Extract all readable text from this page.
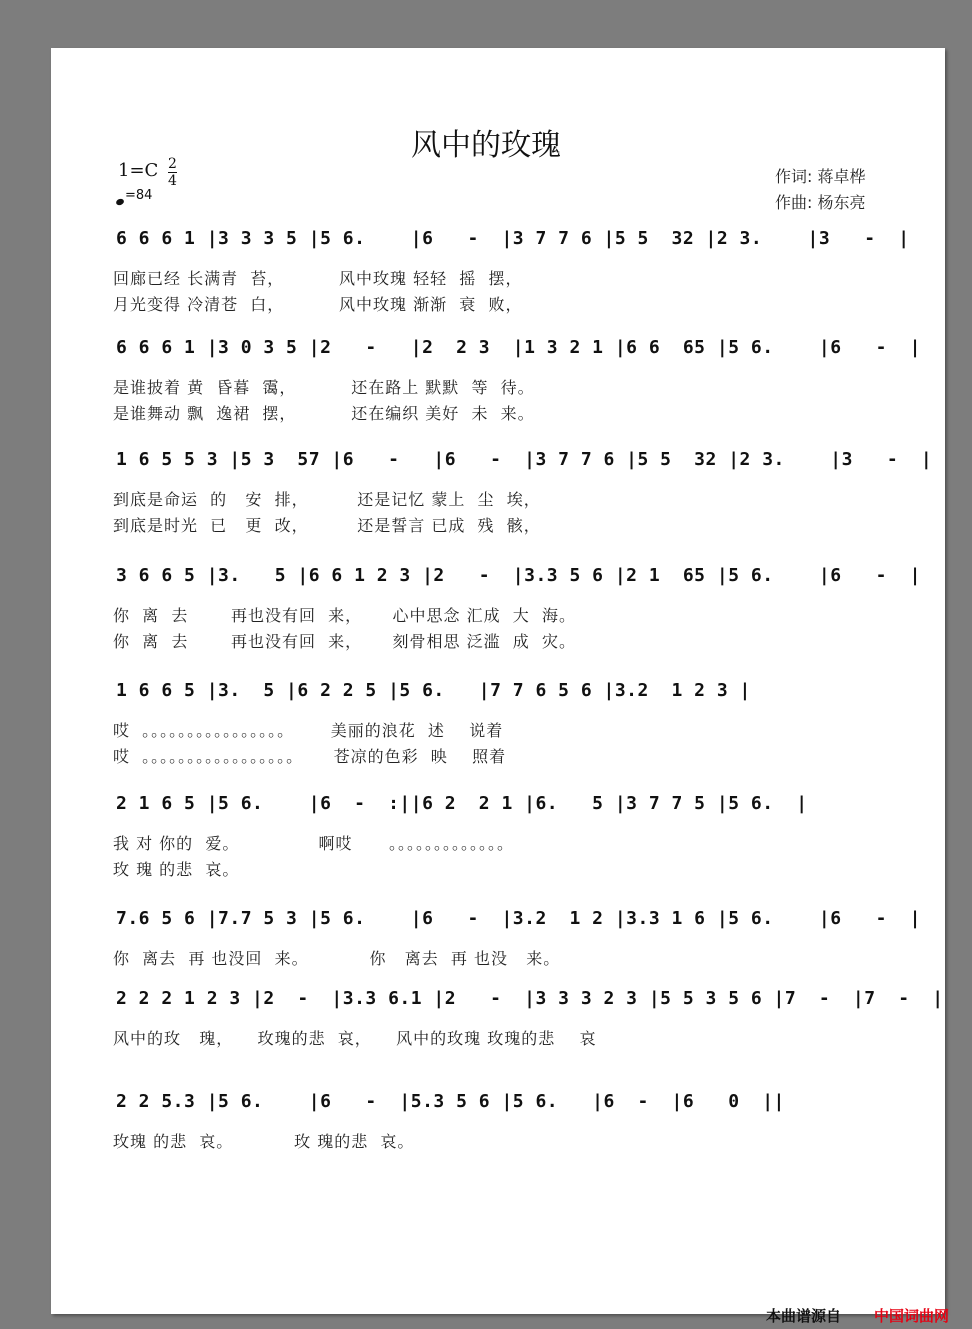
风中的玫瑰
1=C 2
4
=84
作词: 蒋卓桦
作曲: 杨东亮
6 6 6 1 |3 3 3 5 |5 6.    |6   -  |3 7 7 6 |5 5  32 |2 3.    |3   -  |
回廊已经 长满青  苔，         风中玫瑰 轻轻  摇  摆，
月光变得 冷清苍  白，         风中玫瑰 渐渐  衰  败，
6 6 6 1 |3 0 3 5 |2   -   |2  2 3  |1 3 2 1 |6 6  65 |5 6.    |6   -  |
是谁披着 黄  昏暮  霭，         还在路上 默默  等  待。
是谁舞动 飘  逸裙  摆，         还在编织 美好  未  来。
1 6 5 5 3 |5 3  57 |6   -   |6   -  |3 7 7 6 |5 5  32 |2 3.    |3   -  |
到底是命运  的   安  排，        还是记忆 蒙上  尘  埃，
到底是时光  已   更  改，        还是誓言 已成  残  骸，
3 6 6 5 |3.   5 |6 6 1 2 3 |2   -  |3.3 5 6 |2 1  65 |5 6.    |6   -  |
你  离  去       再也没有回  来，     心中思念 汇成  大  海。
你  离  去       再也没有回  来，     刻骨相思 泛滥  成  灾。
1 6 6 5 |3.  5 |6 2 2 5 |5 6.   |7 7 6 5 6 |3.2  1 2 3 |
哎  。。。。。。。。。。。。。。。。      美丽的浪花  述    说着
哎  。。。。。。。。。。。。。。。。。     苍凉的色彩  映    照着
2 1 6 5 |5 6.    |6  -  :||6 2  2 1 |6.   5 |3 7 7 5 |5 6.  |
我 对 你的  爱。             啊哎      。。。。。。。。。。。。。
玫 瑰 的悲  哀。
7.6 5 6 |7.7 5 3 |5 6.    |6   -  |3.2  1 2 |3.3 1 6 |5 6.    |6   -  |
你  离去  再 也没回  来。          你   离去  再 也没   来。
2 2 2 1 2 3 |2  -  |3.3 6.1 |2   -  |3 3 3 2 3 |5 5 3 5 6 |7  -  |7  -  |
风中的玫   瑰，    玫瑰的悲  哀，    风中的玫瑰 玫瑰的悲    哀
2 2 5.3 |5 6.    |6   -  |5.3 5 6 |5 6.   |6  -  |6   0  ||
玫瑰 的悲  哀。          玫 瑰的悲  哀。
本曲谱源自 中国词曲网
